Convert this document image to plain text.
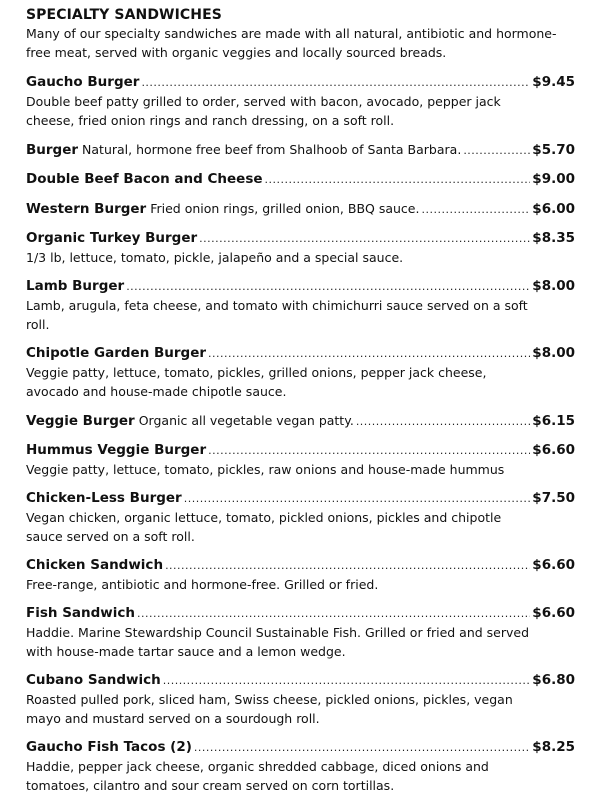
SPECIALTY SANDWICHES

Many of our specialty sandwiches are made with all natural, antibiotic and hormone-free meat, served with organic veggies and locally sourced breads.

Gaucho Burger .....	$9.45

Double beef patty grilled to order, served with bacon, avocado, pepper jack cheese, fried onion rings and ranch dressing, on a soft roll.

Burger Natural, hormone free beef from Shalhoob of Santa Barbara. .....	$5.70
Double Beef Bacon and Cheese .....	$9.00
Western Burger Fried onion rings, grilled onion, BBQ sauce. .....	$6.00
Organic Turkey Burger .....	$8.35

1/3 lb, lettuce, tomato, pickle, jalapeño and a special sauce.

Lamb Burger .....	$8.00

Lamb, arugula, feta cheese, and tomato with chimichurri sauce served on a soft roll.

Chipotle Garden Burger .....	$8.00

Veggie patty, lettuce, tomato, pickles, grilled onions, pepper jack cheese, avocado and house-made chipotle sauce.

Veggie Burger Organic all vegetable vegan patty. .....	$6.15
Hummus Veggie Burger .....	$6.60

Veggie patty, lettuce, tomato, pickles, raw onions and house-made hummus

Chicken-Less Burger .....	$7.50

Vegan chicken, organic lettuce, tomato, pickled onions, pickles and chipotle sauce served on a soft roll.

Chicken Sandwich .....	$6.60

Free-range, antibiotic and hormone-free. Grilled or fried.

Fish Sandwich .....	$6.60

Haddie. Marine Stewardship Council Sustainable Fish. Grilled or fried and served with house-made tartar sauce and a lemon wedge.

Cubano Sandwich .....	$6.80

Roasted pulled pork, sliced ham, Swiss cheese, pickled onions, pickles, vegan mayo and mustard served on a sourdough roll.

Gaucho Fish Tacos (2) .....	$8.25

Haddie, pepper jack cheese, organic shredded cabbage, diced onions and tomatoes, cilantro and sour cream served on corn tortillas.
